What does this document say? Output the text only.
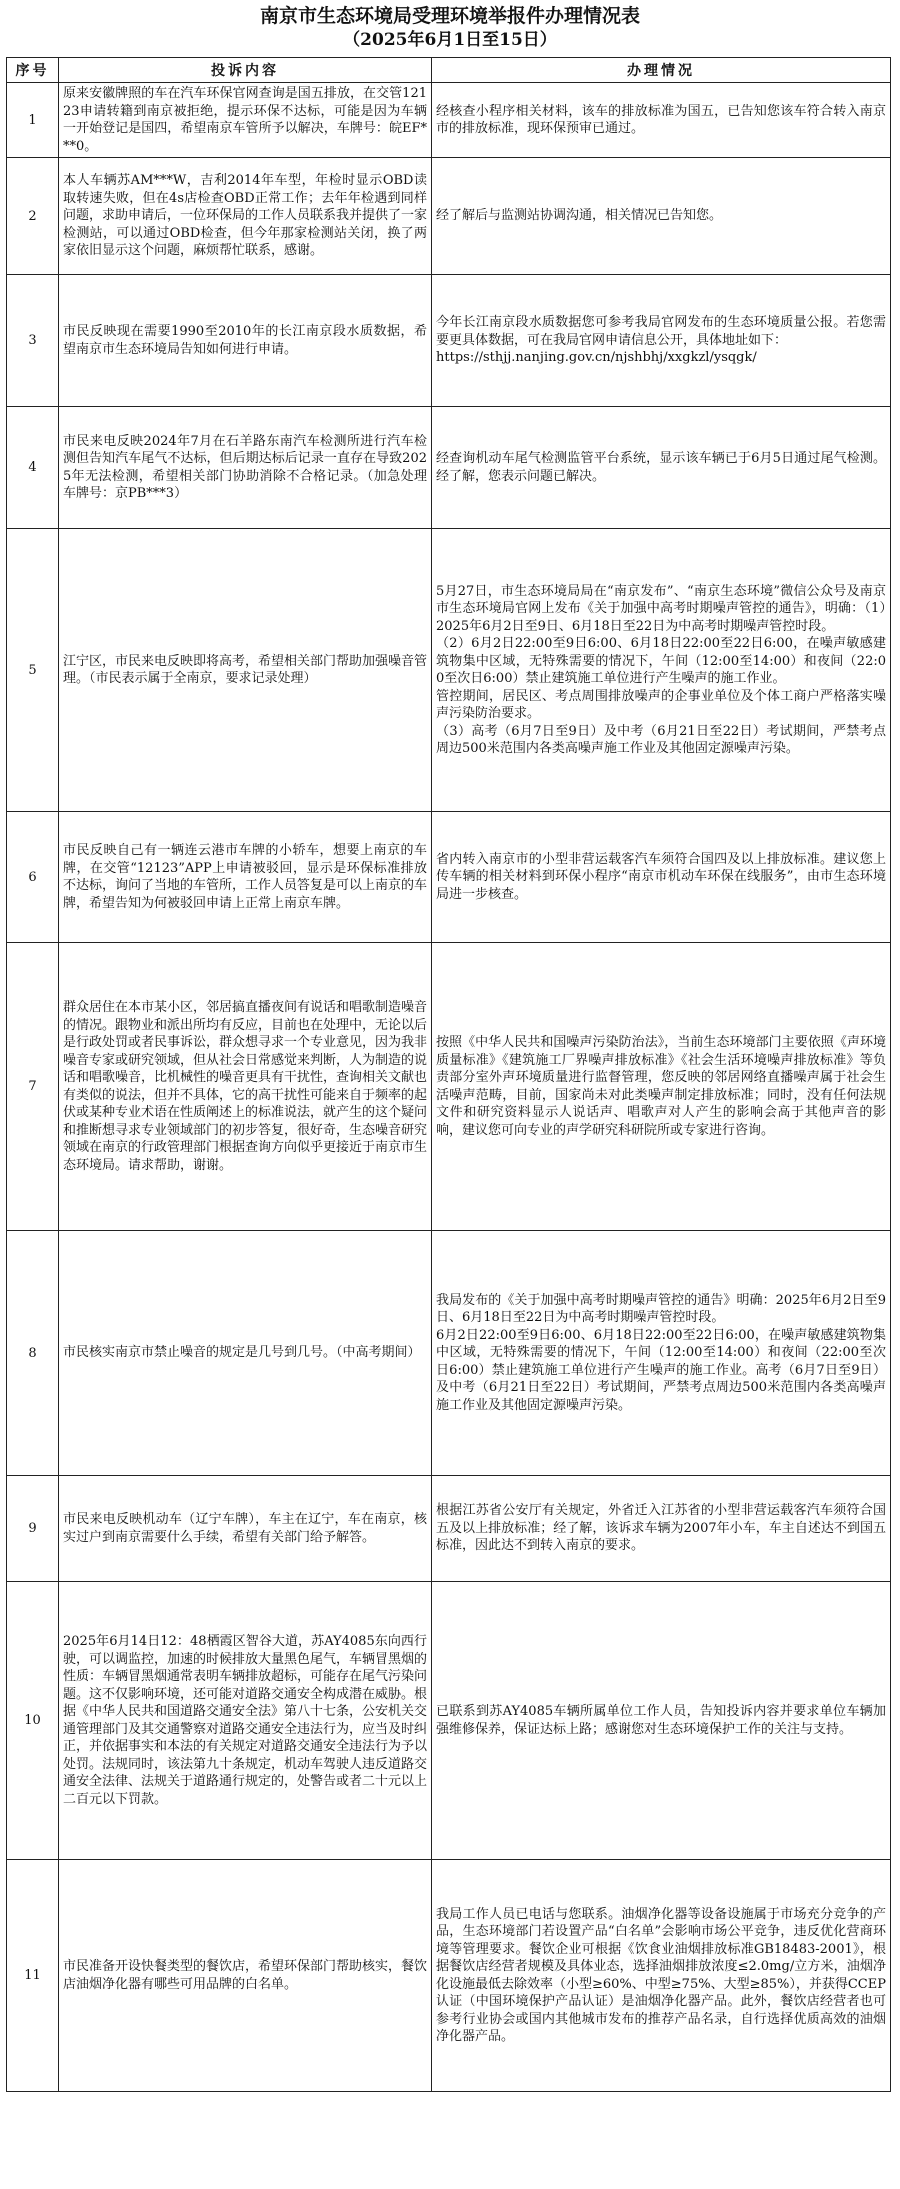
南京市生态环境局受理环境举报件办理情况表

（2025年6月1日至15日）

序号	投诉内容	办理情况
1	原来安徽牌照的车在汽车环保官网查询是国五排放，在交管12123申请转籍到南京被拒绝，提示环保不达标，可能是因为车辆一开始登记是国四，希望南京车管所予以解决，车牌号：皖EF***0。	经核查小程序相关材料，该车的排放标准为国五，已告知您该车符合转入南京市的排放标准，现环保预审已通过。
2	本人车辆苏AM***W，吉利2014年车型，年检时显示OBD读取转速失败，但在4s店检查OBD正常工作；去年年检遇到同样问题，求助申请后，一位环保局的工作人员联系我并提供了一家检测站，可以通过OBD检查，但今年那家检测站关闭，换了两家依旧显示这个问题，麻烦帮忙联系，感谢。	经了解后与监测站协调沟通，相关情况已告知您。
3	市民反映现在需要1990至2010年的长江南京段水质数据，希望南京市生态环境局告知如何进行申请。	今年长江南京段水质数据您可参考我局官网发布的生态环境质量公报。若您需要更具体数据，可在我局官网申请信息公开，具体地址如下：
https://sthjj.nanjing.gov.cn/njshbhj/xxgkzl/ysqgk/
4	市民来电反映2024年7月在石羊路东南汽车检测所进行汽车检测但告知汽车尾气不达标，但后期达标后记录一直存在导致2025年无法检测，希望相关部门协助消除不合格记录。（加急处理 车牌号：京PB***3）	经查询机动车尾气检测监管平台系统，显示该车辆已于6月5日通过尾气检测。经了解，您表示问题已解决。
5	江宁区，市民来电反映即将高考，希望相关部门帮助加强噪音管理。（市民表示属于全南京，要求记录处理）	5月27日，市生态环境局局在“南京发布”、“南京生态环境”微信公众号及南京市生态环境局官网上发布《关于加强中高考时期噪声管控的通告》，明确：（1）2025年6月2日至9日、6月18日至22日为中高考时期噪声管控时段。
（2）6月2日22:00至9日6:00、6月18日22:00至22日6:00，在噪声敏感建筑物集中区域，无特殊需要的情况下，午间（12:00至14:00）和夜间（22:00至次日6:00）禁止建筑施工单位进行产生噪声的施工作业。
管控期间，居民区、考点周围排放噪声的企事业单位及个体工商户严格落实噪声污染防治要求。
（3）高考（6月7日至9日）及中考（6月21日至22日）考试期间，严禁考点周边500米范围内各类高噪声施工作业及其他固定源噪声污染。
6	市民反映自己有一辆连云港市车牌的小轿车，想要上南京的车牌，在交管“12123”APP上申请被驳回，显示是环保标准排放不达标，询问了当地的车管所，工作人员答复是可以上南京的车牌，希望告知为何被驳回申请上正常上南京车牌。	省内转入南京市的小型非营运载客汽车须符合国四及以上排放标准。建议您上传车辆的相关材料到环保小程序“南京市机动车环保在线服务”，由市生态环境局进一步核查。
7	群众居住在本市某小区，邻居搞直播夜间有说话和唱歌制造噪音的情况。跟物业和派出所均有反应，目前也在处理中，无论以后是行政处罚或者民事诉讼，群众想寻求一个专业意见，因为我非噪音专家或研究领域，但从社会日常感觉来判断，人为制造的说话和唱歌噪音，比机械性的噪音更具有干扰性，查询相关文献也有类似的说法，但并不具体，它的高干扰性可能来自于频率的起伏或某种专业术语在性质阐述上的标准说法，就产生的这个疑问和推断想寻求专业领域部门的初步答复，很好奇，生态噪音研究领域在南京的行政管理部门根据查询方向似乎更接近于南京市生态环境局。请求帮助，谢谢。	按照《中华人民共和国噪声污染防治法》，当前生态环境部门主要依照《声环境质量标准》《建筑施工厂界噪声排放标准》《社会生活环境噪声排放标准》等负责部分室外声环境质量进行监督管理，您反映的邻居网络直播噪声属于社会生活噪声范畴，目前，国家尚未对此类噪声制定排放标准；同时，没有任何法规文件和研究资料显示人说话声、唱歌声对人产生的影响会高于其他声音的影响，建议您可向专业的声学研究科研院所或专家进行咨询。
8	市民核实南京市禁止噪音的规定是几号到几号。（中高考期间）	我局发布的《关于加强中高考时期噪声管控的通告》明确：2025年6月2日至9日、6月18日至22日为中高考时期噪声管控时段。
6月2日22:00至9日6:00、6月18日22:00至22日6:00，在噪声敏感建筑物集中区域，无特殊需要的情况下，午间（12:00至14:00）和夜间（22:00至次日6:00）禁止建筑施工单位进行产生噪声的施工作业。高考（6月7日至9日）及中考（6月21日至22日）考试期间，严禁考点周边500米范围内各类高噪声施工作业及其他固定源噪声污染。
9	市民来电反映机动车（辽宁车牌），车主在辽宁，车在南京，核实过户到南京需要什么手续，希望有关部门给予解答。	根据江苏省公安厅有关规定，外省迁入江苏省的小型非营运载客汽车须符合国五及以上排放标准；经了解，该诉求车辆为2007年小车，车主自述达不到国五标准，因此达不到转入南京的要求。
10	2025年6月14日12：48栖霞区智谷大道，苏AY4085东向西行驶，可以调监控，加速的时候排放大量黑色尾气，车辆冒黑烟的性质：车辆冒黑烟通常表明车辆排放超标，可能存在尾气污染问题。这不仅影响环境，还可能对道路交通安全构成潜在威胁。根据《中华人民共和国道路交通安全法》第八十七条，公安机关交通管理部门及其交通警察对道路交通安全违法行为，应当及时纠正，并依据事实和本法的有关规定对道路交通安全违法行为予以处罚。法规同时，该法第九十条规定，机动车驾驶人违反道路交通安全法律、法规关于道路通行规定的，处警告或者二十元以上二百元以下罚款。	已联系到苏AY4085车辆所属单位工作人员，告知投诉内容并要求单位车辆加强维修保养，保证达标上路；感谢您对生态环境保护工作的关注与支持。
11	市民准备开设快餐类型的餐饮店，希望环保部门帮助核实，餐饮店油烟净化器有哪些可用品牌的白名单。	我局工作人员已电话与您联系。油烟净化器等设备设施属于市场充分竞争的产品，生态环境部门若设置产品“白名单”会影响市场公平竞争，违反优化营商环境等管理要求。餐饮企业可根据《饮食业油烟排放标准GB18483-2001》，根据餐饮店经营者规模及具体业态，选择油烟排放浓度≤2.0mg/立方米，油烟净化设施最低去除效率（小型≥60%、中型≥75%、大型≥85%），并获得CCEP认证（中国环境保护产品认证）是油烟净化器产品。此外，餐饮店经营者也可参考行业协会或国内其他城市发布的推荐产品名录，自行选择优质高效的油烟净化器产品。
